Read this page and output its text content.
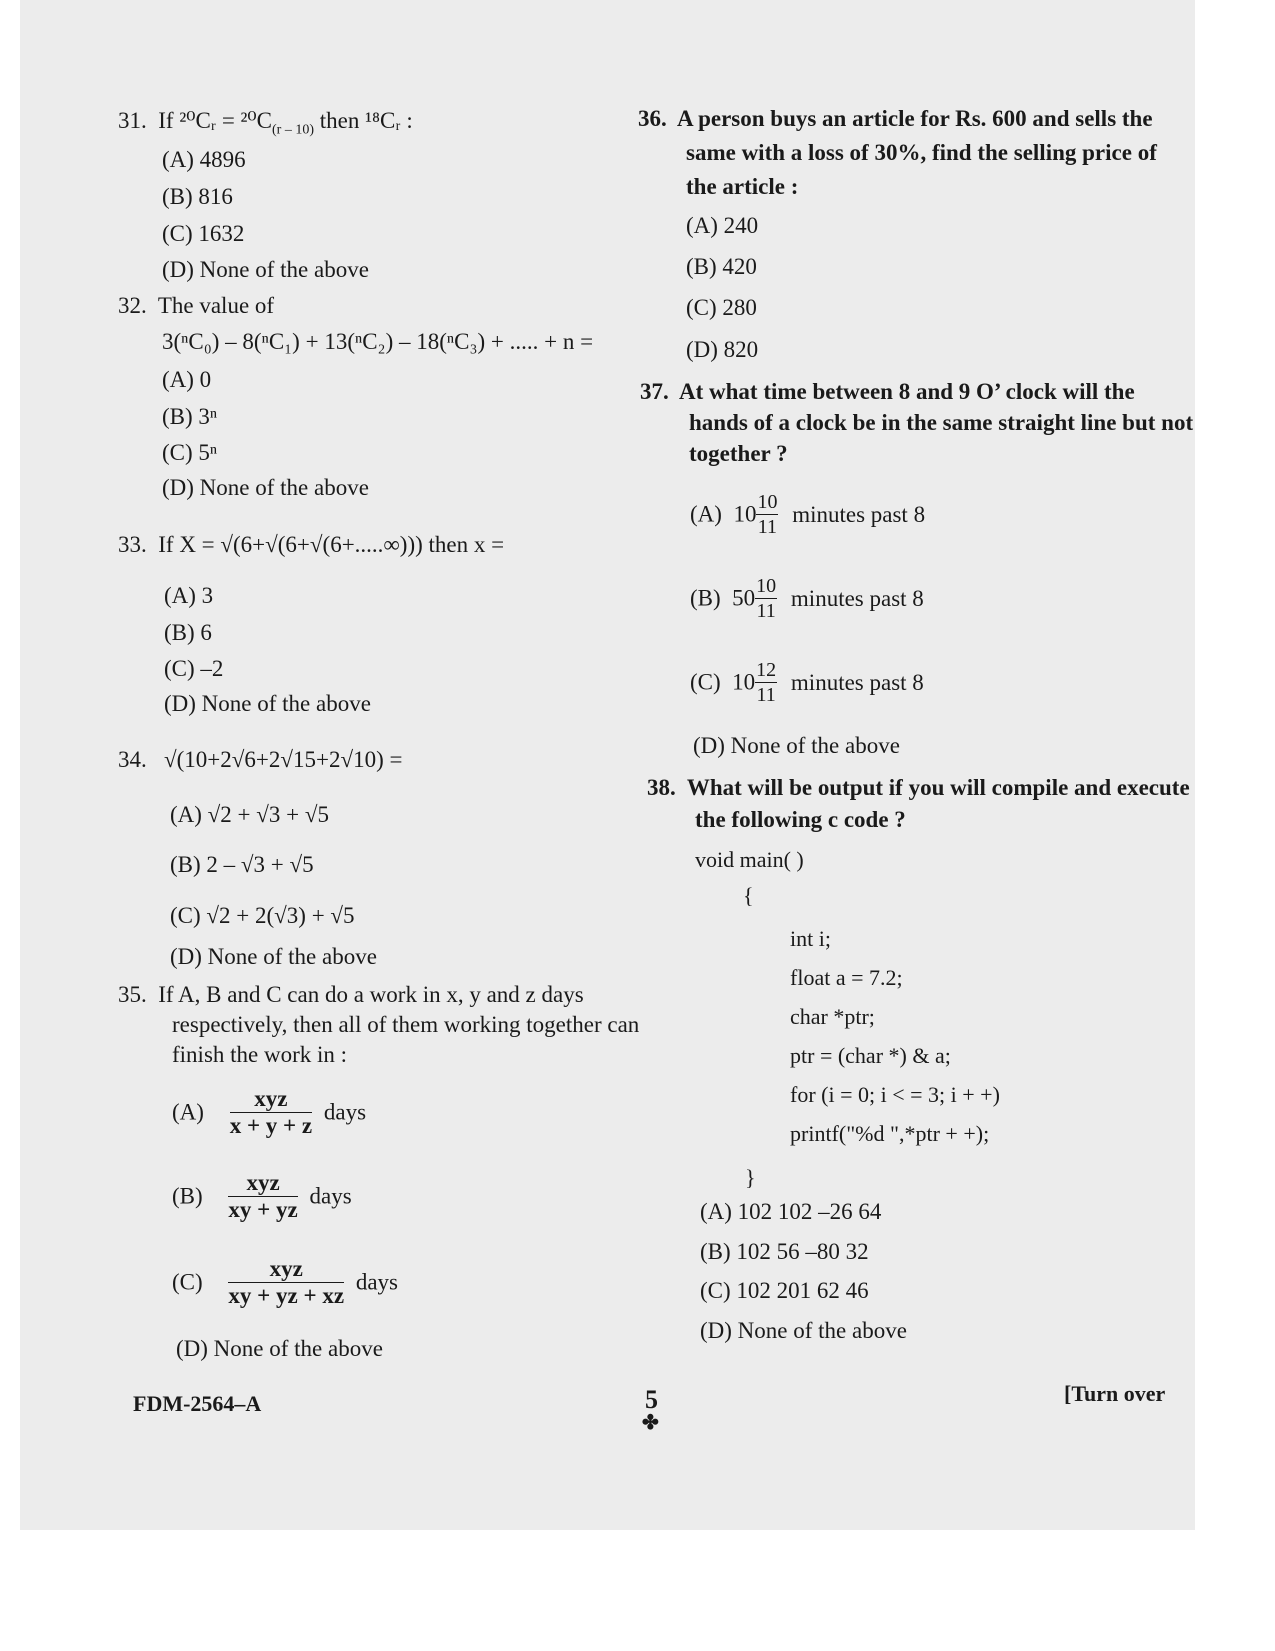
31. If ²⁰Cᵣ = $^{20}C_{(r - 10)}$ then ¹⁸Cᵣ :
(A) 4896
(B) 816
(C) 1632
(D) None of the above
32. The value of
3(ⁿC₀) – 8(ⁿC₁) + 13(ⁿC₂) – 18(ⁿC₃) + ..... + n =
(A) 0
(B) 3ⁿ
(C) 5ⁿ
(D) None of the above
33. If X = √(6+√(6+√(6+.....∞))) then x =
(A) 3
(B) 6
(C) –2
(D) None of the above
34. √(10+2√6+2√15+2√10) =
(A) √2 + √3 + √5
(B) 2 – √3 + √5
(C) √2 + 2(√3) + √5
(D) None of the above
35. If A, B and C can do a work in x, y and z days
respectively, then all of them working together can
finish the work in :
$(A) \frac{\text{xyz}}{x + y + z}$ days
$(B) \frac{\text{xyz}}{xy + yz}$ days
$(C) \frac{\text{xyz}}{xy + yz + xz}$ days
(D) None of the above
36. A person buys an article for Rs. 600 and sells the
same with a loss of 30%, find the selling price of
the article :
(A) 240
(B) 420
(C) 280
(D) 820
37. At what time between 8 and 9 O’ clock will the
hands of a clock be in the same straight line but not
together ?
(A) $10 \frac{10}{11}$ minutes past 8
(B) $50 \frac{10}{11}$ minutes past 8
(C) $10 \frac{12}{11}$ minutes past 8
(D) None of the above
38. What will be output if you will compile and execute
the following c code ?
void main( )
{
int i;
float a = 7.2;
char *ptr;
ptr = (char *) & a;
for (i = 0; i < = 3; i + +)
printf("%d ",*ptr + +);
}
(A) 102 102 –26 64
(B) 102 56 –80 32
(C) 102 201 62 46
(D) None of the above
FDM-2564–A	5
✤
[Turn over
